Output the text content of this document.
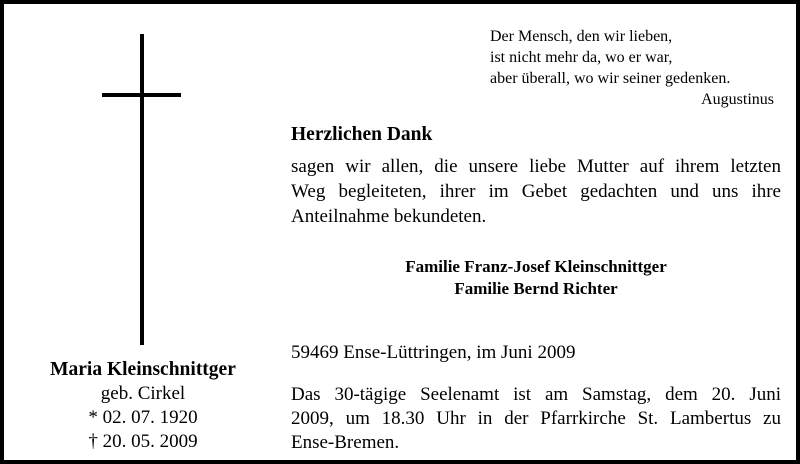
Maria Kleinschnittger
geb. Cirkel
* 02. 07. 1920
† 20. 05. 2009
Der Mensch, den wir lieben,
ist nicht mehr da, wo er war,
aber überall, wo wir seiner gedenken.
Augustinus
Herzlichen Dank
sagen wir allen, die unsere liebe Mutter auf ihrem letzten
Weg begleiteten, ihrer im Gebet gedachten und uns ihre
Anteilnahme bekundeten.
Familie Franz-Josef Kleinschnittger
Familie Bernd Richter
59469 Ense-Lüttringen, im Juni 2009
Das 30-tägige Seelenamt ist am Samstag, dem 20. Juni
2009, um 18.30 Uhr in der Pfarrkirche St. Lambertus zu
Ense-Bremen.
